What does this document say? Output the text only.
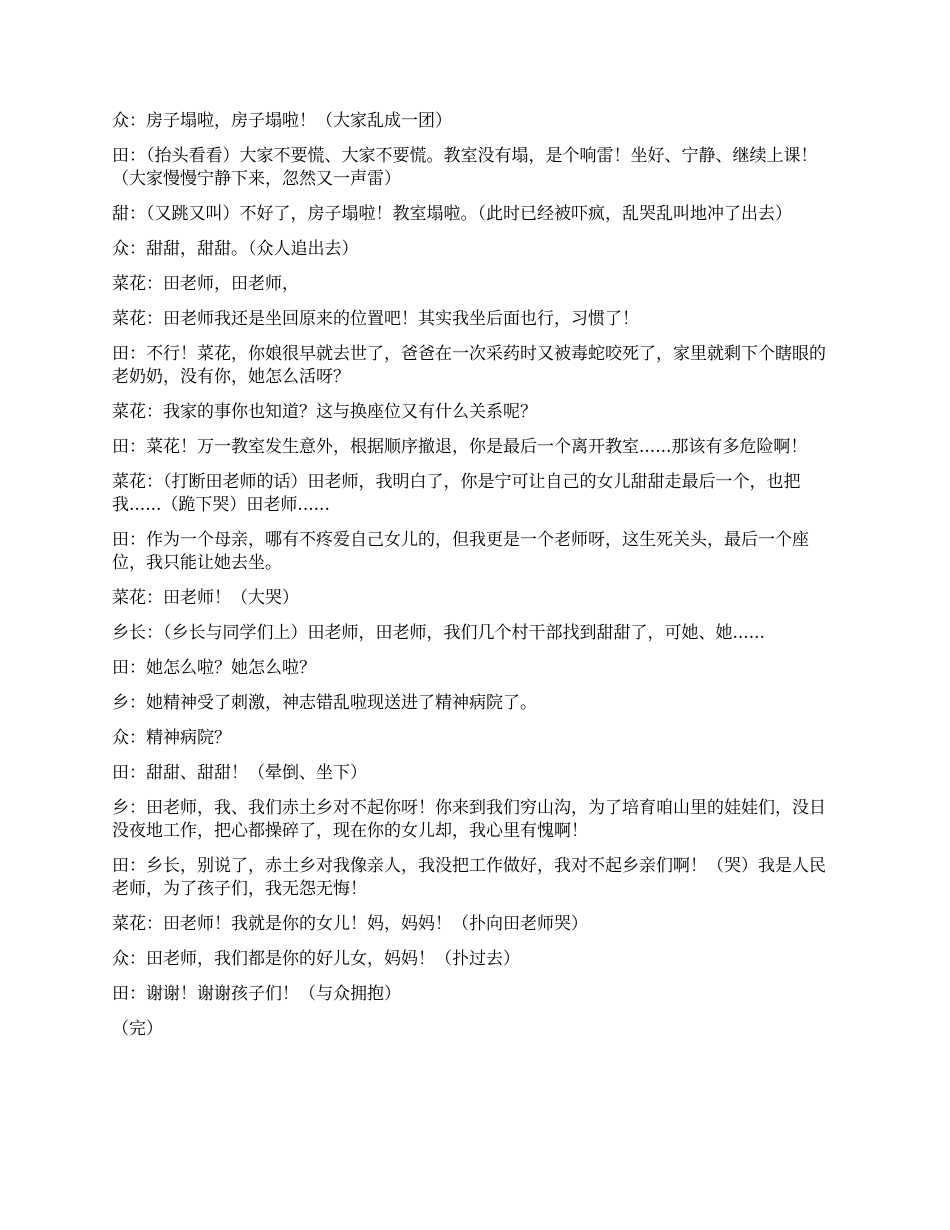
众：房子塌啦，房子塌啦！（大家乱成一团）

田：（抬头看看）大家不要慌、大家不要慌。教室没有塌，是个响雷！坐好、宁静、继续上课！（大家慢慢宁静下来，忽然又一声雷）

甜：（又跳又叫）不好了，房子塌啦！教室塌啦。（此时已经被吓疯，乱哭乱叫地冲了出去）

众：甜甜，甜甜。（众人追出去）

菜花：田老师，田老师，

菜花：田老师我还是坐回原来的位置吧！其实我坐后面也行，习惯了！

田：不行！菜花，你娘很早就去世了，爸爸在一次采药时又被毒蛇咬死了，家里就剩下个瞎眼的老奶奶，没有你，她怎么活呀？

菜花：我家的事你也知道？这与换座位又有什么关系呢？

田：菜花！万一教室发生意外，根据顺序撤退，你是最后一个离开教室......那该有多危险啊！

菜花：（打断田老师的话）田老师，我明白了，你是宁可让自己的女儿甜甜走最后一个，也把我......（跪下哭）田老师......

田：作为一个母亲，哪有不疼爱自己女儿的，但我更是一个老师呀，这生死关头，最后一个座位，我只能让她去坐。

菜花：田老师！（大哭）

乡长：（乡长与同学们上）田老师，田老师，我们几个村干部找到甜甜了，可她、她......

田：她怎么啦？她怎么啦？

乡：她精神受了刺激，神志错乱啦现送进了精神病院了。

众：精神病院？

田：甜甜、甜甜！（晕倒、坐下）

乡：田老师，我、我们赤土乡对不起你呀！你来到我们穷山沟，为了培育咱山里的娃娃们，没日没夜地工作，把心都操碎了，现在你的女儿却，我心里有愧啊！

田：乡长，别说了，赤土乡对我像亲人，我没把工作做好，我对不起乡亲们啊！（哭）我是人民老师，为了孩子们，我无怨无悔！

菜花：田老师！我就是你的女儿！妈，妈妈！（扑向田老师哭）

众：田老师，我们都是你的好儿女，妈妈！（扑过去）

田：谢谢！谢谢孩子们！（与众拥抱）

（完）
